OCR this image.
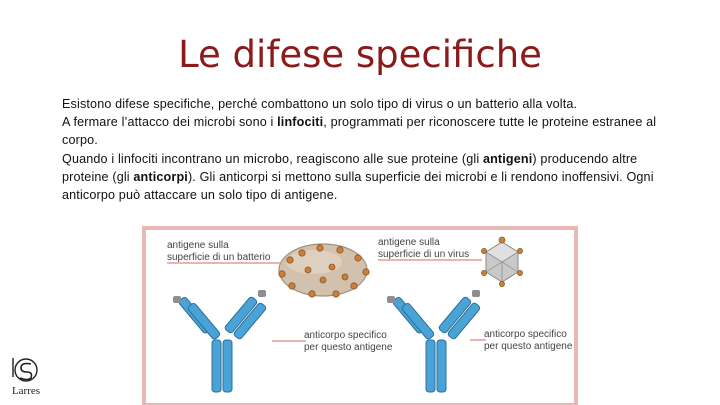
Le difese specifiche

Esistono difese specifiche, perché combattono un solo tipo di virus o un batterio alla volta.

A fermare l’attacco dei microbi sono i linfociti, programmati per riconoscere tutte le proteine estranee al corpo.

Quando i linfociti incontrano un microbo, reagiscono alle sue proteine (gli antigeni) producendo altre proteine (gli anticorpi). Gli anticorpi si mettono sulla superficie dei microbi e li rendono inoffensivi. Ogni anticorpo può attaccare un solo tipo di antigene.

antigene sulla
superficie di un batterio
antigene sulla
superficie di un virus
anticorpo specifico
per questo antigene
anticorpo specifico
per questo antigene
Larres
